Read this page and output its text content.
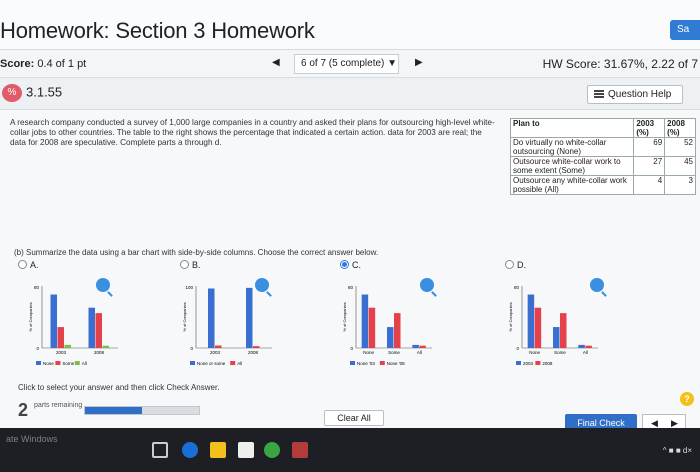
Homework: Section 3 Homework	Sa
Score: 0.4 of 1 pt	◀	6 of 7 (5 complete) ▼ ▶	HW Score: 31.67%, 2.22 of 7
% 3.1.55	Question Help
A research company conducted a survey of 1,000 large companies in a country and asked their plans for outsourcing high-level white-collar jobs to other countries. The table to the right shows the percentage that indicated a certain action. data for 2003 are real; the data for 2008 are speculative. Complete parts a through d.
Plan to	2003 (%)	2008 (%)
Do virtually no white-collar outsourcing (None)	69	52
Outsource white-collar work to some extent (Some)	27	45
Outsource any white-collar work possible (All)	4	3
(b) Summarize the data using a bar chart with side-by-side columns. Choose the correct answer below.
A.	B.	C.	D.
80
0
% of Companies
2003	2008
None Some All
100
0
% of Companies
2003	2008
None or some	All
80
0
% of Companies
None	Some	All
None '03	None '08
80
0
% of Companies
None	Some	All
2003 2008
Click to select your answer and then click Check Answer.
2 parts remaining
Clear All
?
Final Check	◀ ▶
ate Windows
^ ■ ■ d×
